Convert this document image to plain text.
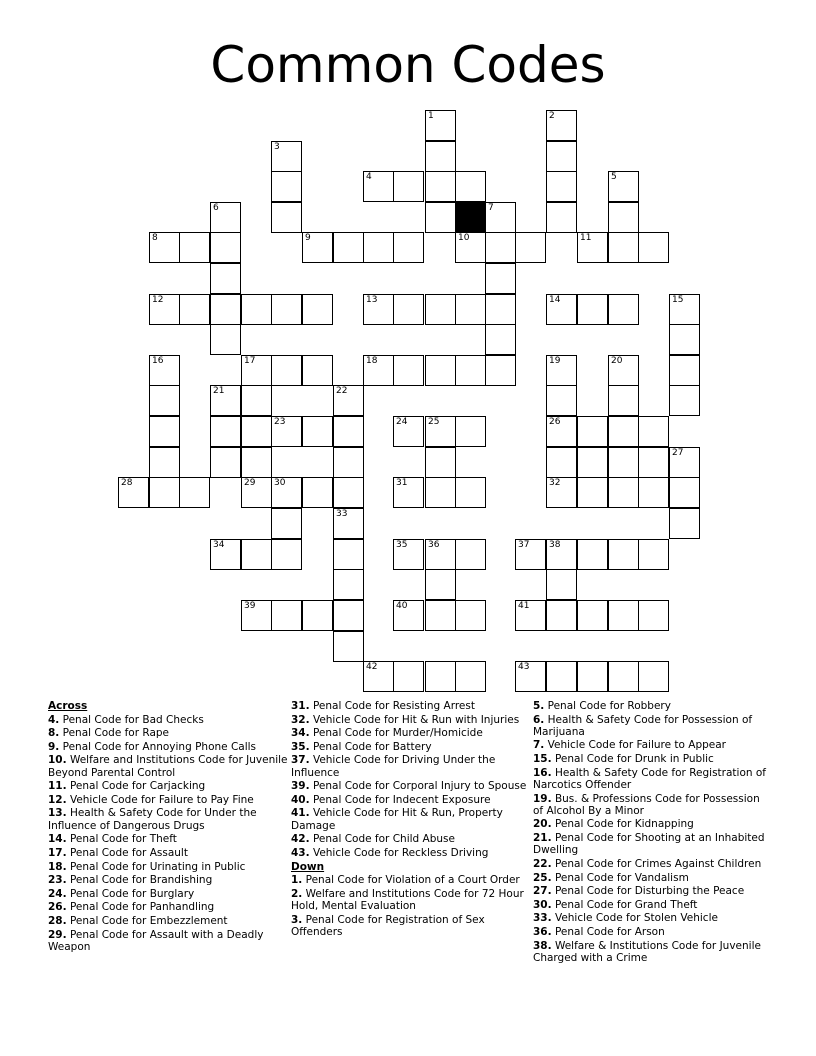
Common Codes
1	2
3
4	5
6	7
8	9	10	11
12	13	14	15
16	17	18	19	20
21	22
23	24 25	26
27
28	29 30	31	32
33
34	35 36	37 38
39	40	41
42	43
Across
4. Penal Code for Bad Checks
8. Penal Code for Rape
9. Penal Code for Annoying Phone Calls
10. Welfare and Institutions Code for Juvenile Beyond Parental Control
11. Penal Code for Carjacking
12. Vehicle Code for Failure to Pay Fine
13. Health & Safety Code for Under the Influence of Dangerous Drugs
14. Penal Code for Theft
17. Penal Code for Assault
18. Penal Code for Urinating in Public
23. Penal Code for Brandishing
24. Penal Code for Burglary
26. Penal Code for Panhandling
28. Penal Code for Embezzlement
29. Penal Code for Assault with a Deadly Weapon
31. Penal Code for Resisting Arrest
32. Vehicle Code for Hit & Run with Injuries
34. Penal Code for Murder/Homicide
35. Penal Code for Battery
37. Vehicle Code for Driving Under the Influence
39. Penal Code for Corporal Injury to Spouse
40. Penal Code for Indecent Exposure
41. Vehicle Code for Hit & Run, Property Damage
42. Penal Code for Child Abuse
43. Vehicle Code for Reckless Driving
Down
1. Penal Code for Violation of a Court Order
2. Welfare and Institutions Code for 72 Hour Hold, Mental Evaluation
3. Penal Code for Registration of Sex Offenders
5. Penal Code for Robbery
6. Health & Safety Code for Possession of Marijuana
7. Vehicle Code for Failure to Appear
15. Penal Code for Drunk in Public
16. Health & Safety Code for Registration of Narcotics Offender
19. Bus. & Professions Code for Possession of Alcohol By a Minor
20. Penal Code for Kidnapping
21. Penal Code for Shooting at an Inhabited Dwelling
22. Penal Code for Crimes Against Children
25. Penal Code for Vandalism
27. Penal Code for Disturbing the Peace
30. Penal Code for Grand Theft
33. Vehicle Code for Stolen Vehicle
36. Penal Code for Arson
38. Welfare & Institutions Code for Juvenile Charged with a Crime
